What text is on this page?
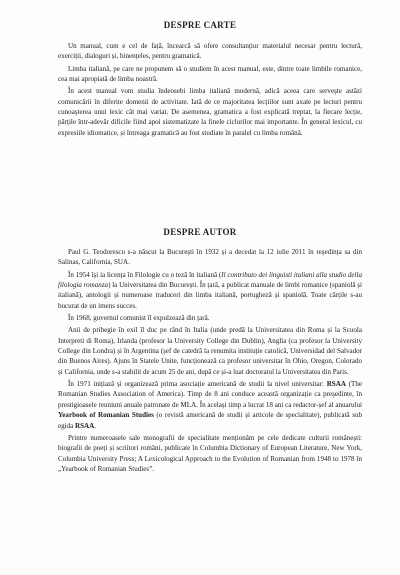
DESPRE CARTE

Un manual, cum e cel de față, încearcă să ofere consultanțiur materialul necesar pentru lectură, exerciții, dialoguri și, binențeles, pentru gramatică.

Limba italiană, pe care ne propunem să o studiem în acest manual, este, dintre toate limbile romanice, cea mai apropiată de limba noastră.

În acest manual vom studia îndeosebi limba italiană modernă, adică aceea care servește astăzi comunicării în diferite domenii de activitate. Iată de ce majoritatea lecțiilor sunt axate pe lecturi pentru cunoașterea unui lexic cât mai variat. De asemenea, gramatica a fost explicată treptat, la fiecare lecție, părțile într-adevăr dificile fiind apoi sistematizate la finele ciclurilor mai importante. În general lexicul, cu expresiile idiomatice, și întreaga gramatică au fost studiate în paralel cu limba română.

DESPRE AUTOR

Paul G. Teodorescu s-a născut la București în 1932 și a decedat la 12 iulie 2011 în reședința sa din Salinas, California, SUA.

În 1954 își ia licența în Filologie cu o teză în italiană (Il contributo dei linguisti italiani alla studio della filologia romanza) la Universitatea din București. În țară, a publicat manuale de limbi romanice (spaniolă și italiană), antologii și numeroase traduceri din limba italiană, portugheză și spaniolă. Toate cărțile s-au bucurat de un imens succes.

În 1968, guvernul comunist îl expulzează din țară.

Anii de pribegie în exil îl duc pe rând în Italia (unde predă la Universitatea din Roma și la Scuola Interpreti di Roma), Irlanda (profesor la University College din Dublin), Anglia (ca profesor la University College din Londra) și în Argentina (șef de catedră la renumita instituție catolică, Universidad del Salvador din Buenos Aires). Ajuns în Statele Unite, funcționează ca profesor universitar în Ohio, Oregon, Colorado și California, unde s-a stabilit de acum 25 de ani, după ce și-a luat doctoratul la Universitatea din Paris.

În 1971 inițiază și organizează prima asociație americană de studii la nivel universitar: RSAA (The Romanian Studies Association of America). Timp de 8 ani conduce această organizație ca președinte, în prestigioasele reuniuni anuale patronate de MLA. În același timp a lucrat 18 ani ca redactor-șef al anuarului Yearbook of Romanian Studies (o revistă americană de studii și articole de specialitate), publicată sub egida RSAA.

Printre numeroasele sale monografii de specialitate menționăm pe cele dedicate culturii românești: biografii de poeți și scriitori români, publicate în Columbia Dictionary of European Literature, New York, Columbia University Press; A Lexicological Approach to the Evolution of Romanian from 1948 to 1978 în „Yearbook of Romanian Studies”.
